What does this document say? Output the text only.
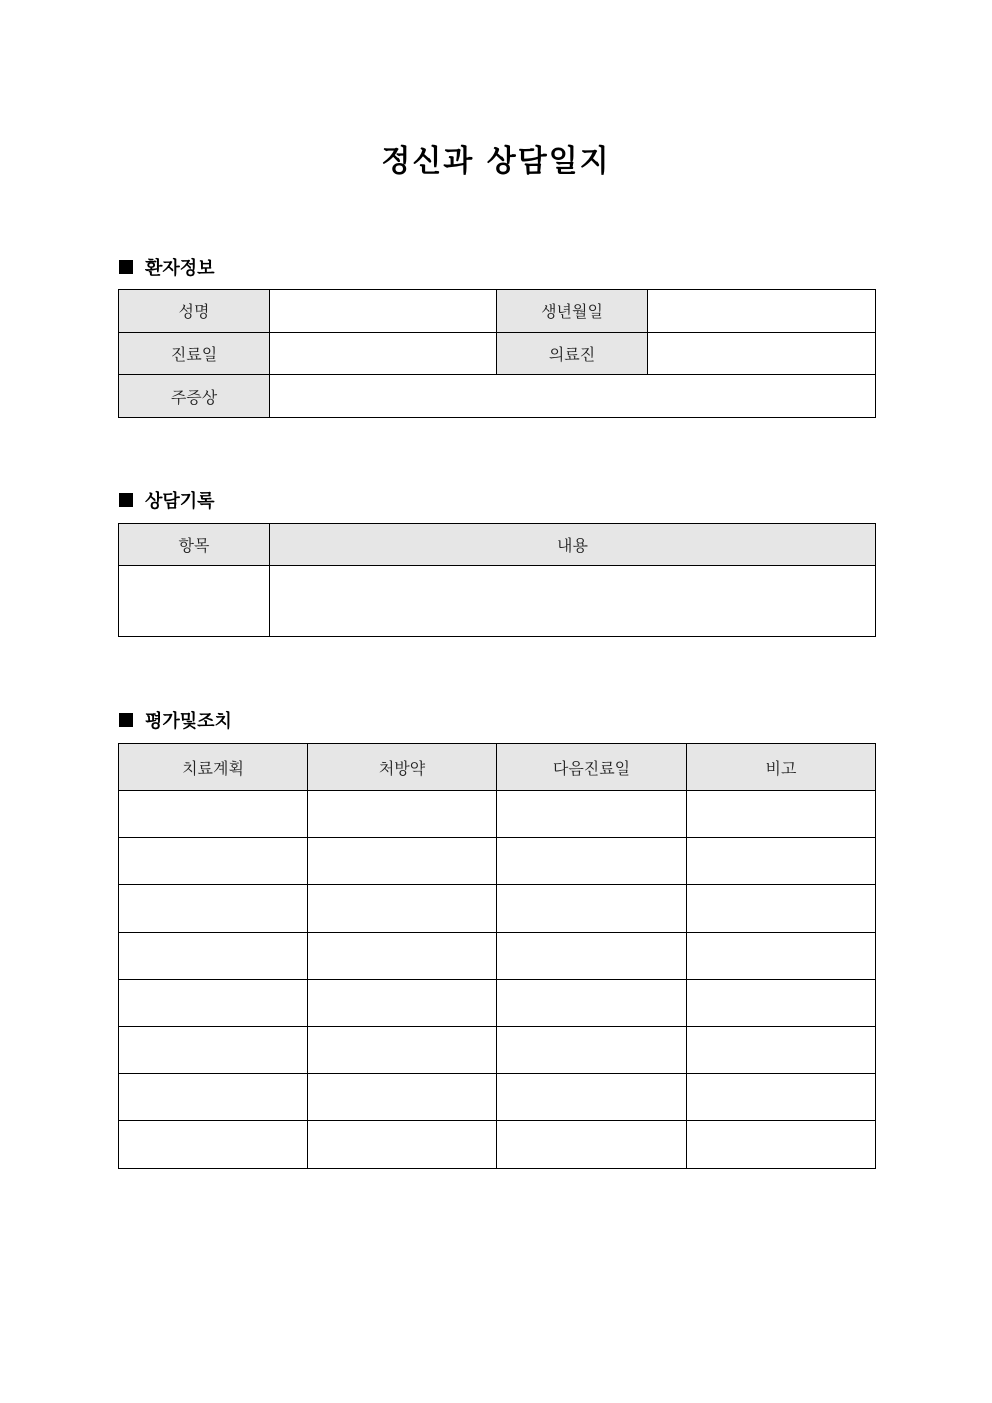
정신과 상담일지
환자정보
성명		생년월일	
진료일		의료진	
주증상			
상담기록
항목	내용

평가및조치
치료계획	처방약	다음진료일	비고
